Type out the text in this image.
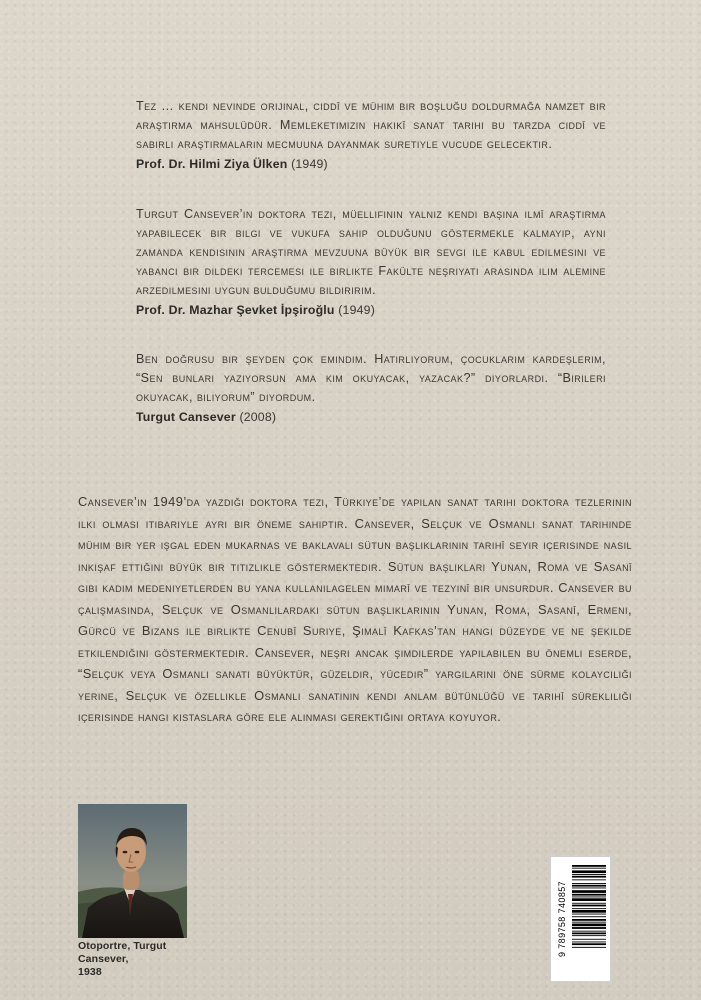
Tez … kendi nevinde orijinal, ciddî ve mühim bir boşluğu doldurmağa namzet bir araştırma mahsulüdür. Memleketimizin hakikî sanat tarihi bu tarzda ciddî ve sabırlı araştırmaların mecmuuna dayanmak suretiyle vucude gelecektir.

Prof. Dr. Hilmi Ziya Ülken (1949)

Turgut Cansever’in doktora tezi, müellifinin yalnız kendi başına ilmî araştırma yapabilecek bir bilgi ve vukufa sahip olduğunu göstermekle kalmayıp, aynı zamanda kendisinin araştırma mevzuuna büyük bir sevgi ile kabul edilmesini ve yabancı bir dildeki tercemesi ile birlikte Fakülte neşriyatı arasında ilim alemine arzedilmesini uygun bulduğumu bildiririm.

Prof. Dr. Mazhar Şevket İpşiroğlu (1949)

Ben doğrusu bir şeyden çok emindim. Hatırlıyorum, çocuklarım kardeşlerim, “Sen bunları yazıyorsun ama kim okuyacak, yazacak?” diyorlardı. “Birileri okuyacak, biliyorum” diyordum.

Turgut Cansever (2008)

Cansever’in 1949’da yazdığı doktora tezi, Türkiye’de yapılan sanat tarihi doktora tezlerinin ilki olması itibariyle ayrı bir öneme sahiptir. Cansever, Selçuk ve Osmanlı sanat tarihinde mühim bir yer işgal eden mukarnas ve baklavalı sütun başlıklarının tarihî seyir içerisinde nasıl inkişaf ettiğini büyük bir titizlikle göstermektedir. Sütun başlıkları Yunan, Roma ve Sasanî gibi kadim medeniyetlerden bu yana kullanılagelen mimarî ve tezyinî bir unsurdur. Cansever bu çalışmasında, Selçuk ve Osmanlılardaki sütun başlıklarının Yunan, Roma, Sasanî, Ermeni, Gürcü ve Bizans ile birlikte Cenubî Suriye, Şimalî Kafkas’tan hangi düzeyde ve ne şekilde etkilendiğini göstermektedir. Cansever, neşri ancak şimdilerde yapılabilen bu önemli eserde, “Selçuk veya Osmanlı sanatı büyüktür, güzeldir, yücedir” yargılarını öne sürme kolaycılığı yerine, Selçuk ve özellikle Osmanlı sanatının kendi anlam bütünlüğü ve tarihî sürekliliği içerisinde hangi kıstaslara göre ele alınması gerektiğini ortaya koyuyor.

Otoportre, Turgut Cansever,
1938
9 789758 740857
